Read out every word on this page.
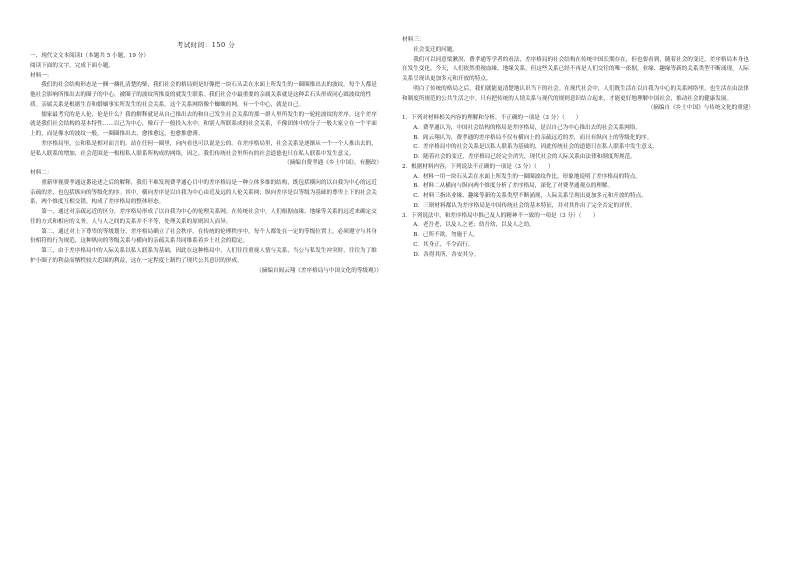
考试时间：150 分

一、现代文文本阅读Ⅰ（本题共 5 小题，19 分）

阅读下面的文字，完成下面小题。

材料一：

我们的社会结构形态是一捆一捆扎清楚的柴，我们社会的格局则是好像把一块石头丢在水面上所发生的一圈圈推出去的波纹。每个人都是他社会影响所推出去的圈子的中心，被圈子的波纹所推及的就发生联系。我们社会中最重要的亲属关系就是这种丢石头形成同心圆波纹的性质。亲属关系是根据生育和婚姻事实所发生的社会关系。这个关系网络像个蜘蛛的网，有一个中心，就是自己。

儒家最考究的是人伦，伦是什么？我的解释就是从自己推出去的和自己发生社会关系的那一群人里所发生的一轮轮波纹的差序。这个差序就是我们社会结构的基本特性……以己为中心，像石子一般投入水中，和别人所联系成的社会关系，不像团体中的分子一般大家立在一个平面上的，而是像水的波纹一般，一圈圈推出去，愈推愈远，也愈推愈薄。

差序格局里，公和私是相对而言的。站在任何一圈里，向内看也可以说是公的。在差序格局里，社会关系是逐渐从一个一个人推出去的，是私人联系的增加，社会范围是一根根私人联系所构成的网络，因之，我们传统社会里所有的社会道德也只在私人联系中发生意义。

（摘编自费孝通《乡土中国》，有删改）

材料二：

重新审视费孝通这番论述之后的解释，我们不难发现费孝通心目中的差序格局是一种立体多维的结构，既包括横向的以自我为中心的远近亲疏的差，也包括纵向的等级化的序。其中，横向差序是以自我为中心由近及远的人伦关系网；纵向差序是以等级为基础的尊卑上下的社会关系，两个维度互相交错，构成了差序格局的整体形态。

第一，通过对亲疏远近的区分，差序格局形成了以自我为中心的伦理关系网。在传统社会中，人们根据血缘、地缘等关系的远近来确定交往的方式和相应的义务，人与人之间的关系并不平等，处理关系的原则因人而异。

第二，通过对上下尊卑的等级划分，差序格局确立了社会秩序。在传统的伦理秩序中，每个人都处在一定的等级位置上，必须遵守与其身份相符的行为规范，这种纵向的等级关系与横向的亲疏关系共同维系着乡土社会的稳定。

第三，由于差序格局中的人际关系以私人联系为基础，因此在这种格局中，人们往往重视人情与关系，当公与私发生冲突时，往往为了维护小圈子的利益而牺牲较大范围的利益，这在一定程度上制约了现代公共意识的形成。

（摘编自阎云翔《差序格局与中国文化的等级观》）

材料三：

社会变迁的问题。

我们可以同意梁漱溟、费孝通等学者的看法，差序格局的社会结构在传统中国长期存在，但也要看到，随着社会的变迁，差序格局本身也在发生变化。今天，人们依然重视血缘、地缘关系，但这些关系已经不再是人们交往的唯一依据，业缘、趣缘等新的关系类型不断涌现，人际关系呈现出更加多元和开放的特点。

明白了传统的格局之后，我们就能更清楚地认识当下的社会。在现代社会中，人们既生活在以自我为中心的关系网络里，也生活在由法律和制度所规范的公共生活之中。只有把传统的人情关系与现代的规则意识结合起来，才能更好地理解中国社会，推动社会的健康发展。

（摘编自《乡土中国》与传统文化的重建）

1．下列对材料相关内容的理解和分析，不正确的一项是（3 分）（　　）

A．费孝通认为，中国社会结构的格局是差序格局，是以自己为中心推出去的社会关系网络。

B．阎云翔认为，费孝通的差序格局不仅有横向上的亲疏远近的差，而且有纵向上的等级化的序。

C．差序格局中的社会关系是以私人联系为基础的，因此传统社会的道德只在私人联系中发生意义。

D．随着社会的变迁，差序格局已经完全消失，现代社会的人际关系由法律和制度所规范。

2．根据材料内容，下列说法不正确的一项是（3 分）（　　）

A．材料一用一块石头丢在水面上所发生的一圈圈波纹作比，形象地说明了差序格局的特点。

B．材料二从横向与纵向两个维度分析了差序格局，深化了对费孝通观点的理解。

C．材料三指出业缘、趣缘等新的关系类型不断涌现，人际关系呈现出更加多元和开放的特点。

D．三则材料都认为差序格局是中国传统社会的基本特征，并对其作出了完全否定的评价。

3．下列说法中，和差序格局中推己及人的精神不一致的一项是（3 分）（　　）

A．老吾老，以及人之老；幼吾幼，以及人之幼。

B．己所不欲，勿施于人。

C．其身正，不令而行。

D．各得其所，各安其分。
